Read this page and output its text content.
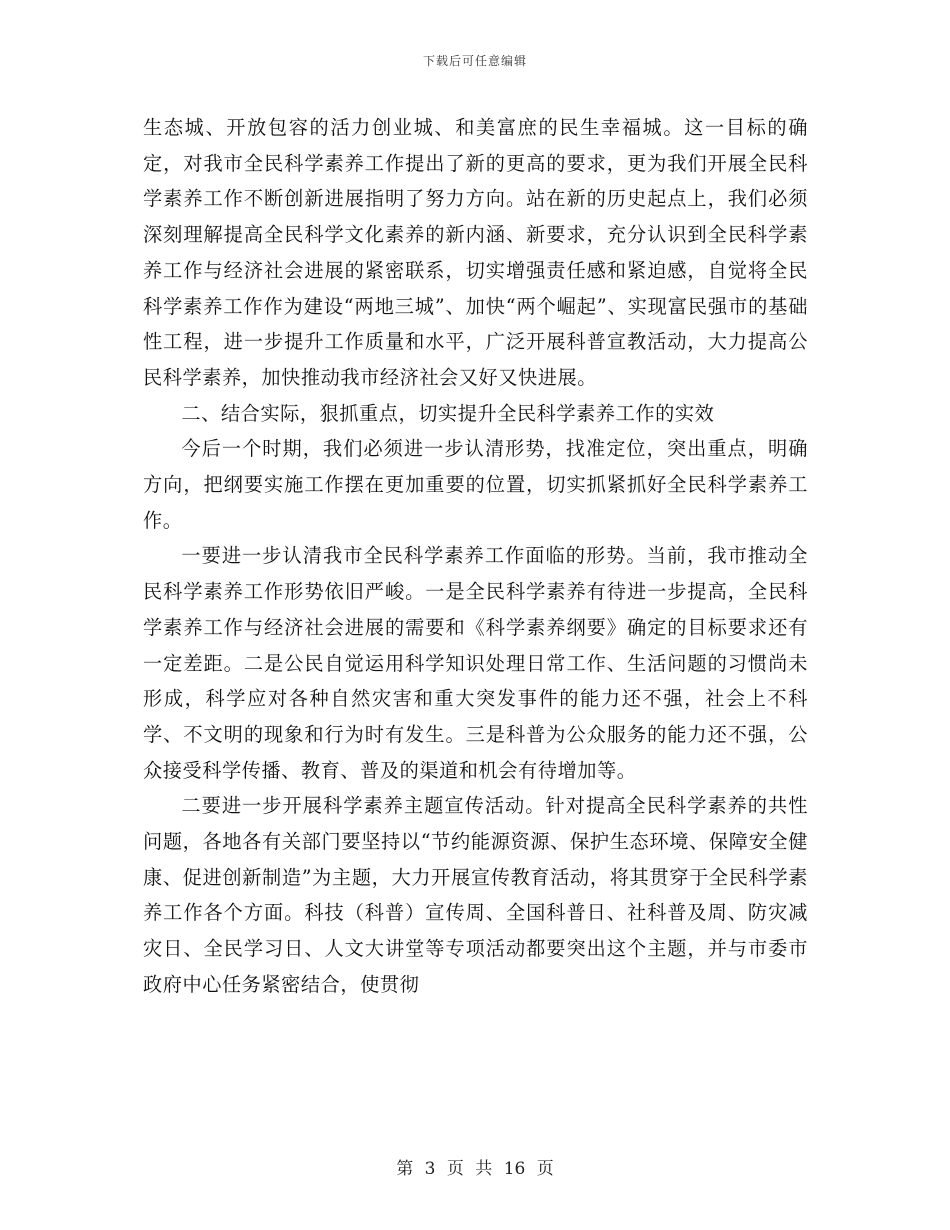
下载后可任意编辑

生态城、开放包容的活力创业城、和美富庶的民生幸福城。这一目标的确定，对我市全民科学素养工作提出了新的更高的要求，更为我们开展全民科学素养工作不断创新进展指明了努力方向。站在新的历史起点上，我们必须深刻理解提高全民科学文化素养的新内涵、新要求，充分认识到全民科学素养工作与经济社会进展的紧密联系，切实增强责任感和紧迫感，自觉将全民科学素养工作作为建设“两地三城”、加快“两个崛起”、实现富民强市的基础性工程，进一步提升工作质量和水平，广泛开展科普宣教活动，大力提高公民科学素养，加快推动我市经济社会又好又快进展。

二、结合实际，狠抓重点，切实提升全民科学素养工作的实效

今后一个时期，我们必须进一步认清形势，找准定位，突出重点，明确方向，把纲要实施工作摆在更加重要的位置，切实抓紧抓好全民科学素养工作。

一要进一步认清我市全民科学素养工作面临的形势。当前，我市推动全民科学素养工作形势依旧严峻。一是全民科学素养有待进一步提高，全民科学素养工作与经济社会进展的需要和《科学素养纲要》确定的目标要求还有一定差距。二是公民自觉运用科学知识处理日常工作、生活问题的习惯尚未形成，科学应对各种自然灾害和重大突发事件的能力还不强，社会上不科学、不文明的现象和行为时有发生。三是科普为公众服务的能力还不强，公众接受科学传播、教育、普及的渠道和机会有待增加等。

二要进一步开展科学素养主题宣传活动。针对提高全民科学素养的共性问题，各地各有关部门要坚持以“节约能源资源、保护生态环境、保障安全健康、促进创新制造”为主题，大力开展宣传教育活动，将其贯穿于全民科学素养工作各个方面。科技（科普）宣传周、全国科普日、社科普及周、防灾减灾日、全民学习日、人文大讲堂等专项活动都要突出这个主题，并与市委市政府中心任务紧密结合，使贯彻

第 3 页 共 16 页
